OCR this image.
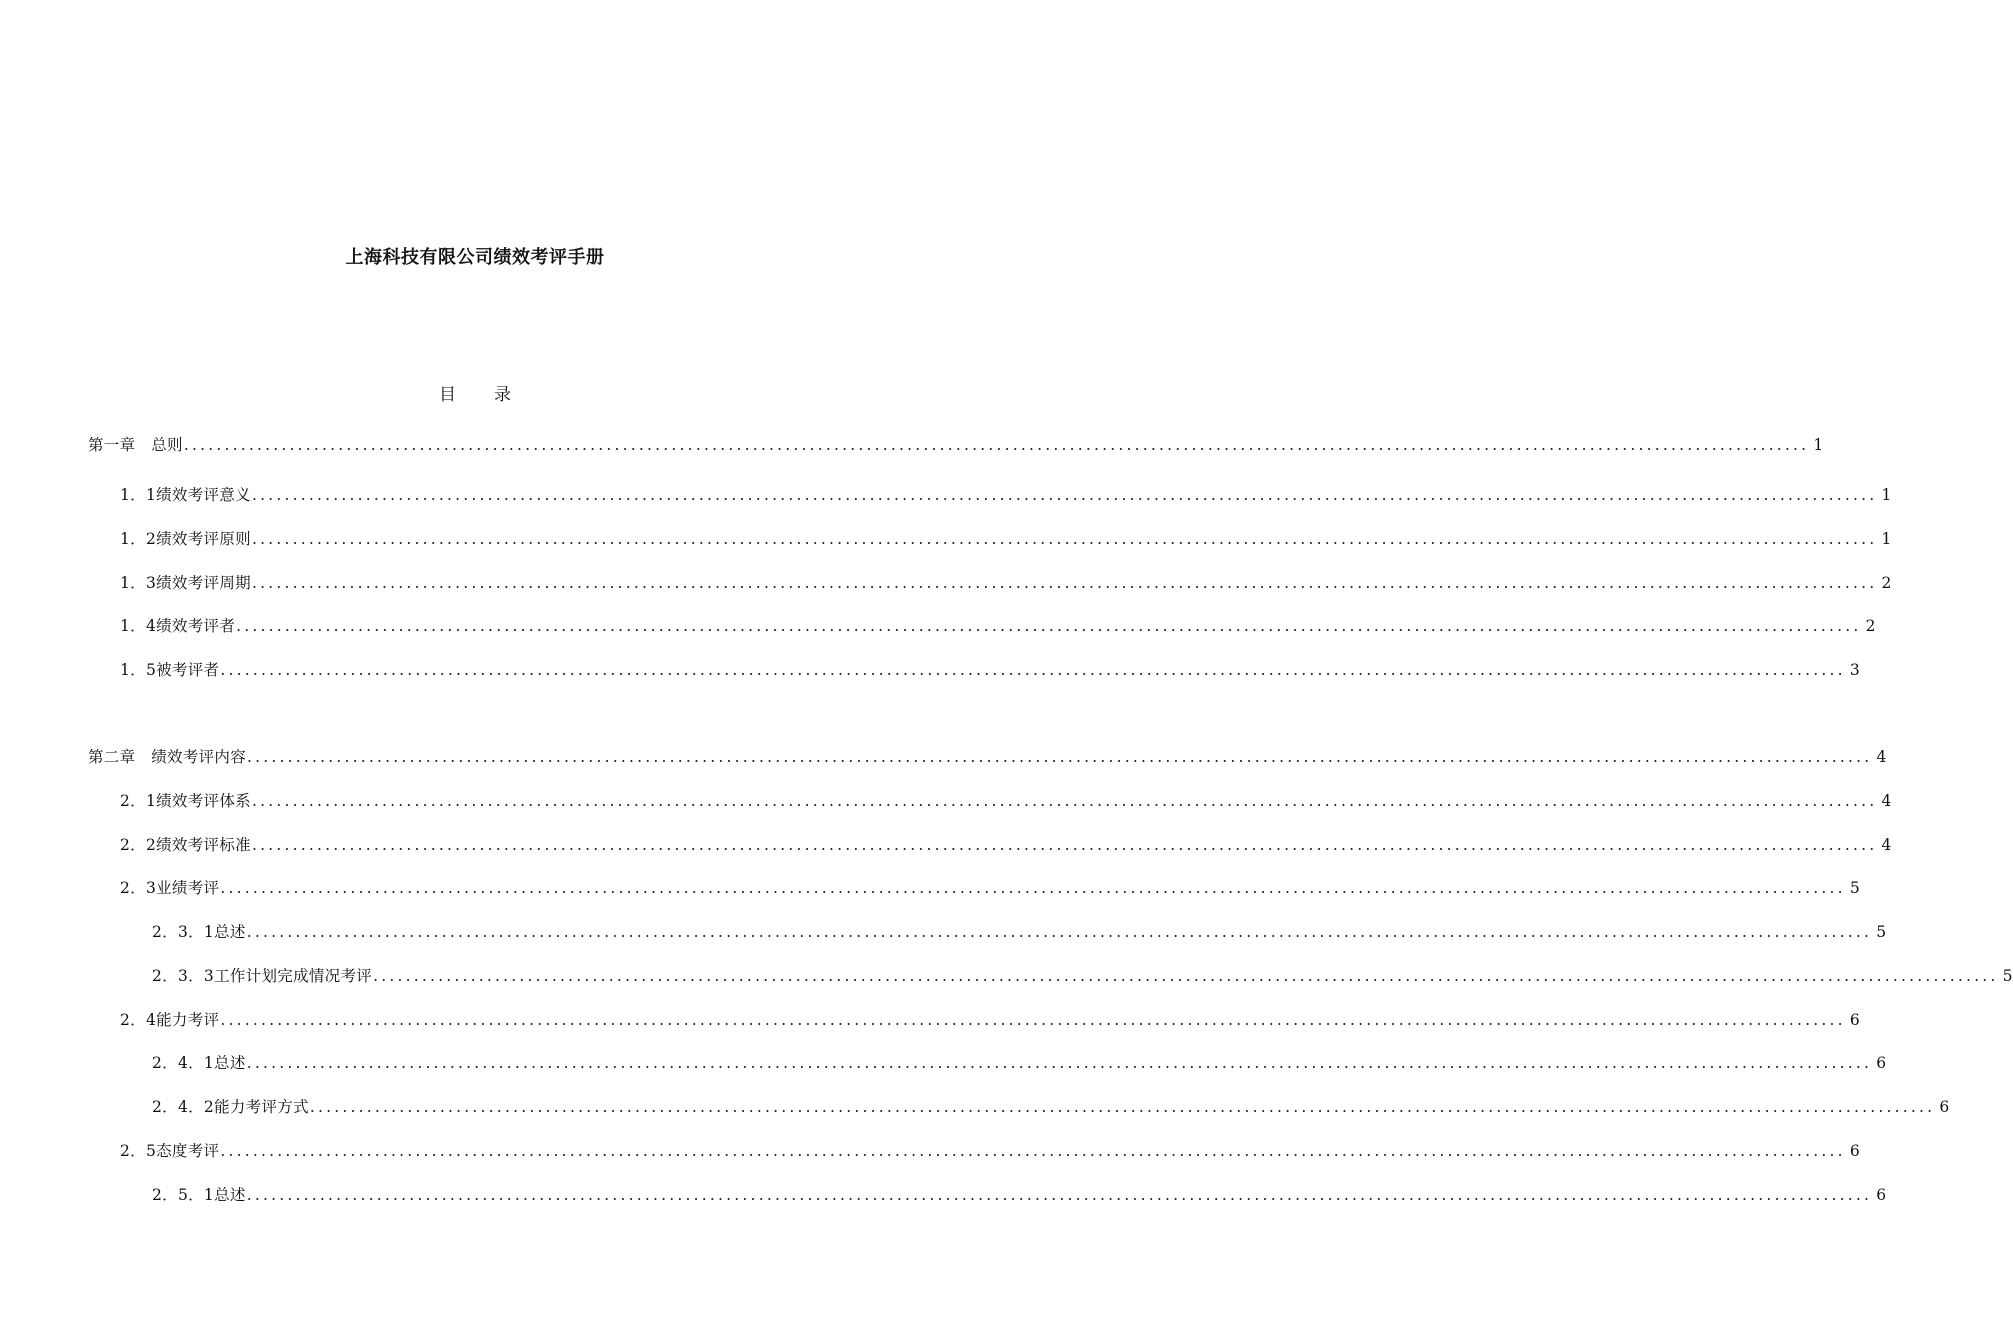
上海科技有限公司绩效考评手册
目 录
第一章　总则 ........................................................................................................................................................................................................ 1
1．1绩效考评意义 ........................................................................................................................................................................................................ 1
1．2绩效考评原则 ........................................................................................................................................................................................................ 1
1．3绩效考评周期 ........................................................................................................................................................................................................ 2
1．4绩效考评者 ........................................................................................................................................................................................................ 2
1．5被考评者 ........................................................................................................................................................................................................ 3
第二章　绩效考评内容 ........................................................................................................................................................................................................ 4
2．1绩效考评体系 ........................................................................................................................................................................................................ 4
2．2绩效考评标准 ........................................................................................................................................................................................................ 4
2．3业绩考评 ........................................................................................................................................................................................................ 5
2．3．1总述 ........................................................................................................................................................................................................ 5
2．3．3工作计划完成情况考评 ........................................................................................................................................................................................................ 5
2．4能力考评 ........................................................................................................................................................................................................ 6
2．4．1总述 ........................................................................................................................................................................................................ 6
2．4．2能力考评方式 ........................................................................................................................................................................................................ 6
2．5态度考评 ........................................................................................................................................................................................................ 6
2．5．1总述 ........................................................................................................................................................................................................ 6
